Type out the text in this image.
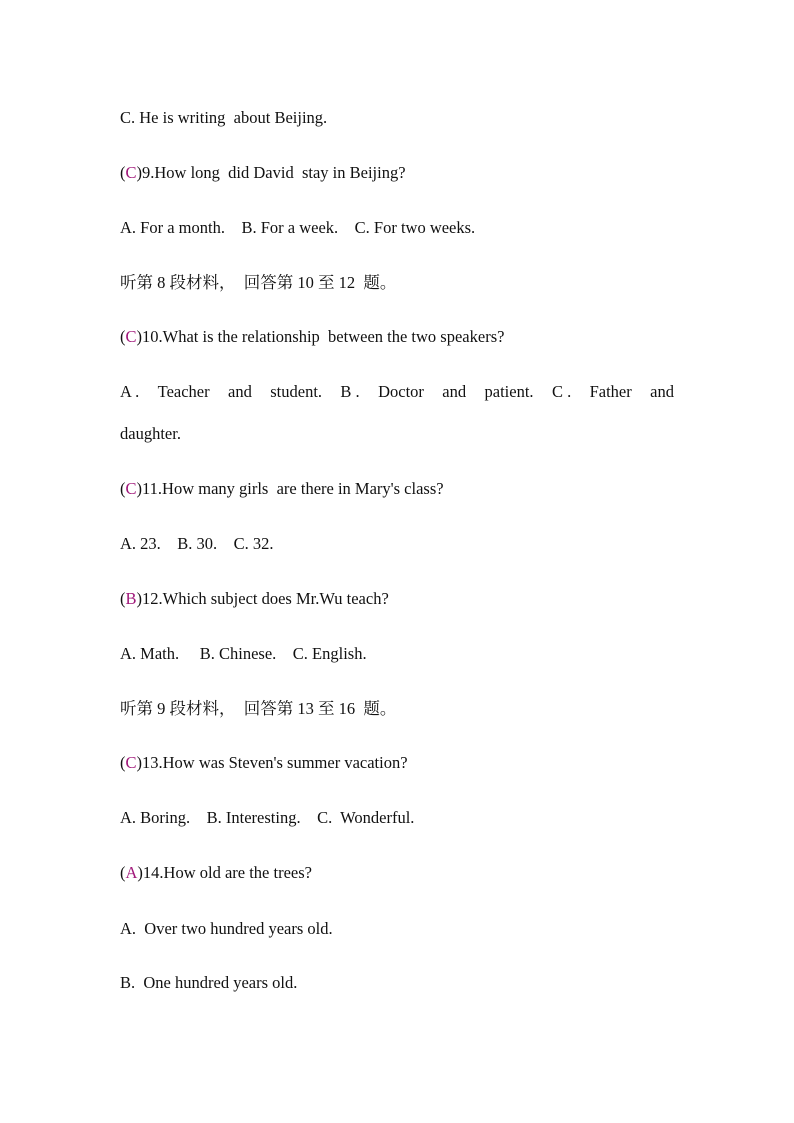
C. He is writing  about Beijing.
(C)9.How long  did David  stay in Beijing?
A. For a month.    B. For a week.    C. For two weeks.
听第 8 段材料，  回答第 10 至 12  题。
(C)10.What is the relationship  between the two speakers?
A . Teacher and student. B . Doctor and patient. C . Father and
daughter.
(C)11.How many girls  are there in Mary's class?
A. 23.    B. 30.    C. 32.
(B)12.Which subject does Mr.Wu teach?
A. Math.     B. Chinese.    C. English.
听第 9 段材料，  回答第 13 至 16  题。
(C)13.How was Steven's summer vacation?
A. Boring.    B. Interesting.    C.  Wonderful.
(A)14.How old are the trees?
A.  Over two hundred years old.
B.  One hundred years old.
